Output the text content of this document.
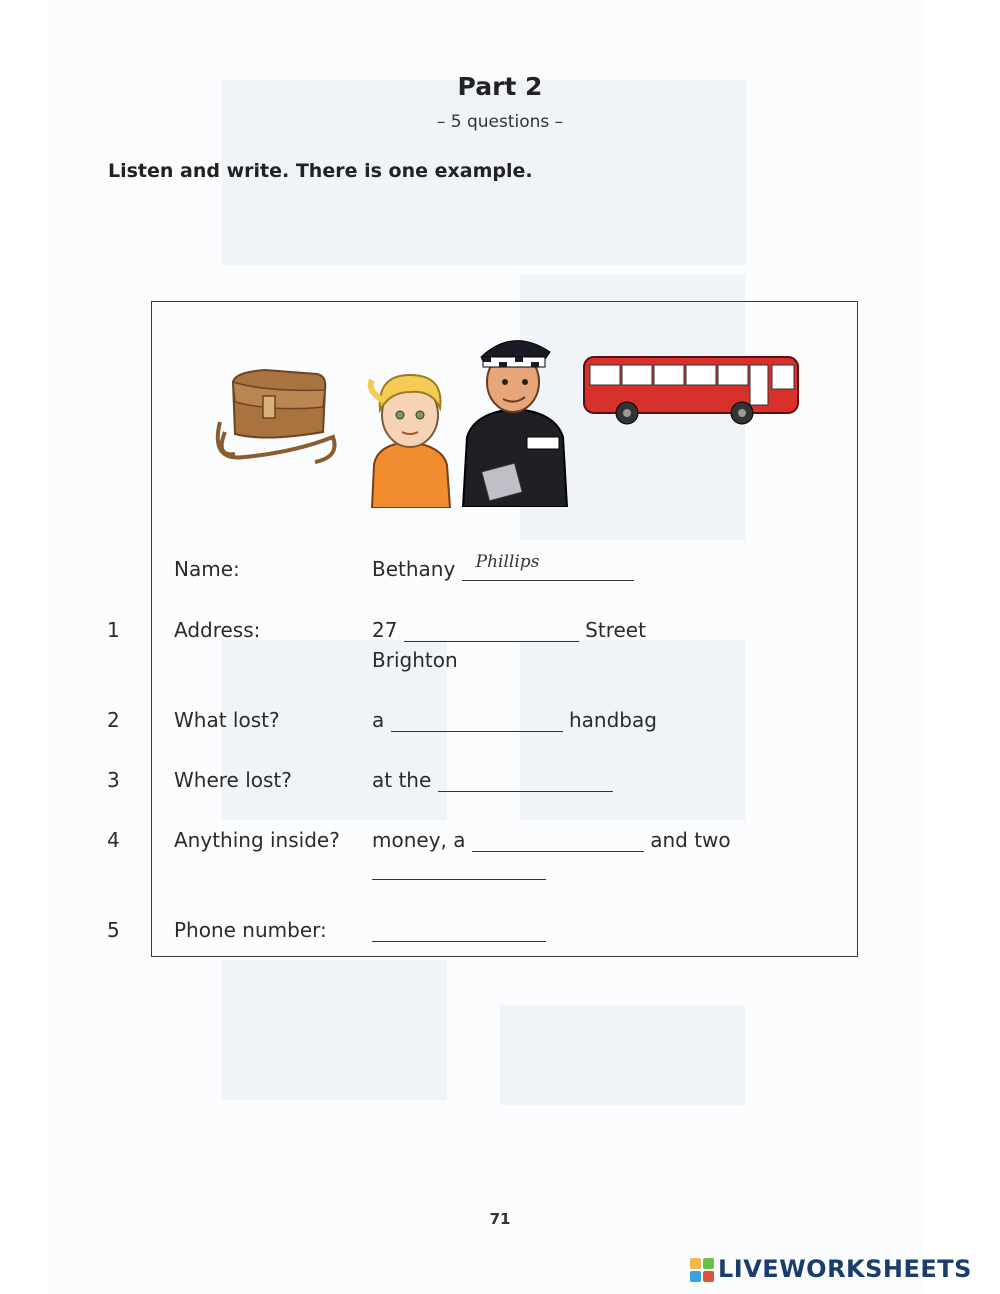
Part 2
– 5 questions –
Listen and write. There is one example.
Name:	Bethany Phillips
1	Address:	27	Street
Brighton
2	What lost?	a	handbag
3	Where lost?	at the
4	Anything inside? money, a	and two
5	Phone number:
71
LIVEWORKSHEETS
